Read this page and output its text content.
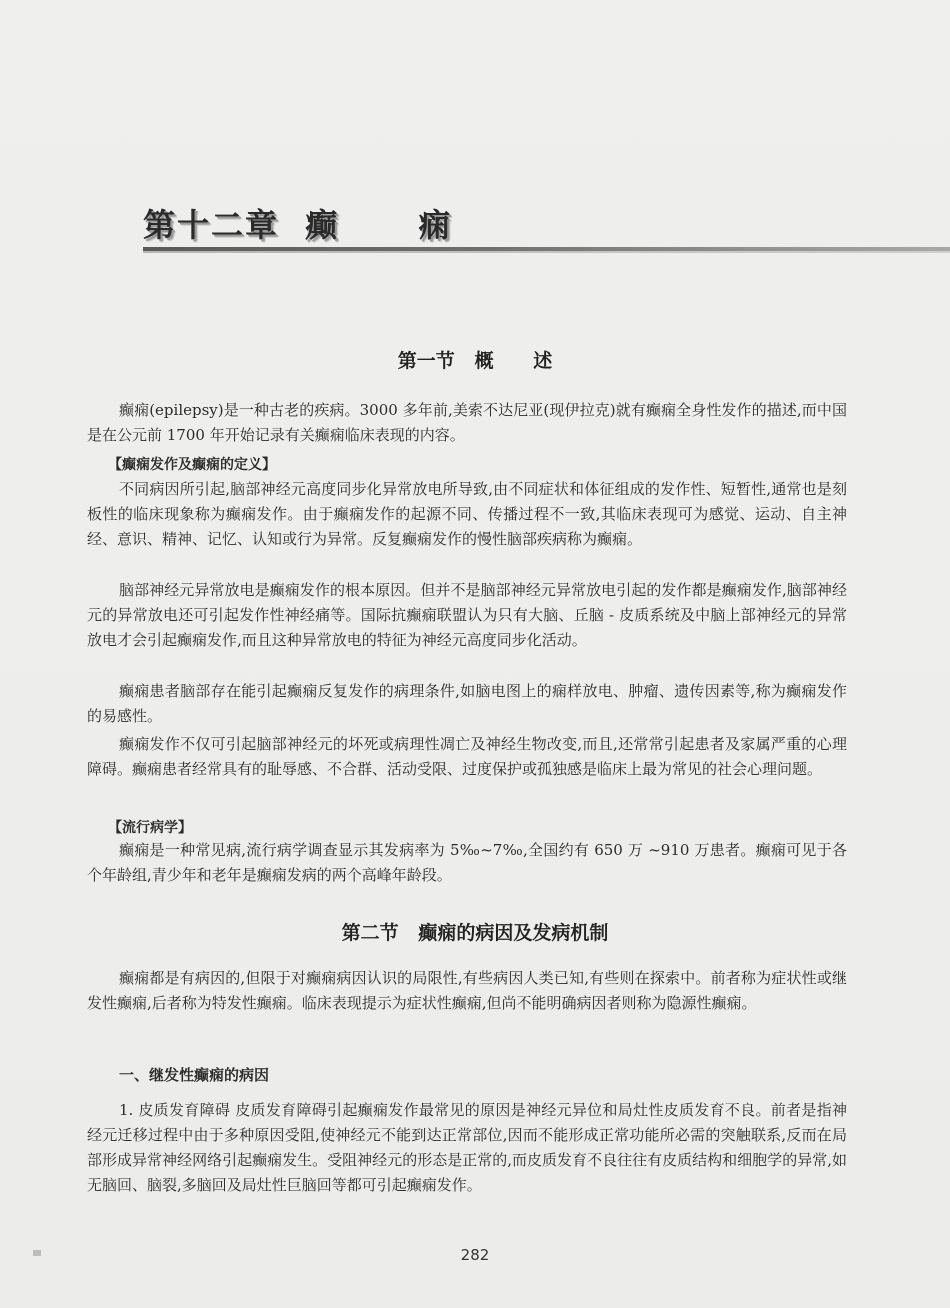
第十二章  癫      痫
第一节   概      述

癫痫(epilepsy)是一种古老的疾病。3000 多年前,美索不达尼亚(现伊拉克)就有癫痫全身性发作的描述,而中国是在公元前 1700 年开始记录有关癫痫临床表现的内容。

【癫痫发作及癫痫的定义】

不同病因所引起,脑部神经元高度同步化异常放电所导致,由不同症状和体征组成的发作性、短暂性,通常也是刻板性的临床现象称为癫痫发作。由于癫痫发作的起源不同、传播过程不一致,其临床表现可为感觉、运动、自主神经、意识、精神、记忆、认知或行为异常。反复癫痫发作的慢性脑部疾病称为癫痫。

脑部神经元异常放电是癫痫发作的根本原因。但并不是脑部神经元异常放电引起的发作都是癫痫发作,脑部神经元的异常放电还可引起发作性神经痛等。国际抗癫痫联盟认为只有大脑、丘脑 - 皮质系统及中脑上部神经元的异常放电才会引起癫痫发作,而且这种异常放电的特征为神经元高度同步化活动。

癫痫患者脑部存在能引起癫痫反复发作的病理条件,如脑电图上的痫样放电、肿瘤、遗传因素等,称为癫痫发作的易感性。

癫痫发作不仅可引起脑部神经元的坏死或病理性凋亡及神经生物改变,而且,还常常引起患者及家属严重的心理障碍。癫痫患者经常具有的耻辱感、不合群、活动受限、过度保护或孤独感是临床上最为常见的社会心理问题。

【流行病学】

癫痫是一种常见病,流行病学调查显示其发病率为 5‰~7‰,全国约有 650 万 ~910 万患者。癫痫可见于各个年龄组,青少年和老年是癫痫发病的两个高峰年龄段。

第二节   癫痫的病因及发病机制

癫痫都是有病因的,但限于对癫痫病因认识的局限性,有些病因人类已知,有些则在探索中。前者称为症状性或继发性癫痫,后者称为特发性癫痫。临床表现提示为症状性癫痫,但尚不能明确病因者则称为隐源性癫痫。

一、继发性癫痫的病因

1. 皮质发育障碍 皮质发育障碍引起癫痫发作最常见的原因是神经元异位和局灶性皮质发育不良。前者是指神经元迁移过程中由于多种原因受阻,使神经元不能到达正常部位,因而不能形成正常功能所必需的突触联系,反而在局部形成异常神经网络引起癫痫发生。受阻神经元的形态是正常的,而皮质发育不良往往有皮质结构和细胞学的异常,如无脑回、脑裂,多脑回及局灶性巨脑回等都可引起癫痫发作。

282
